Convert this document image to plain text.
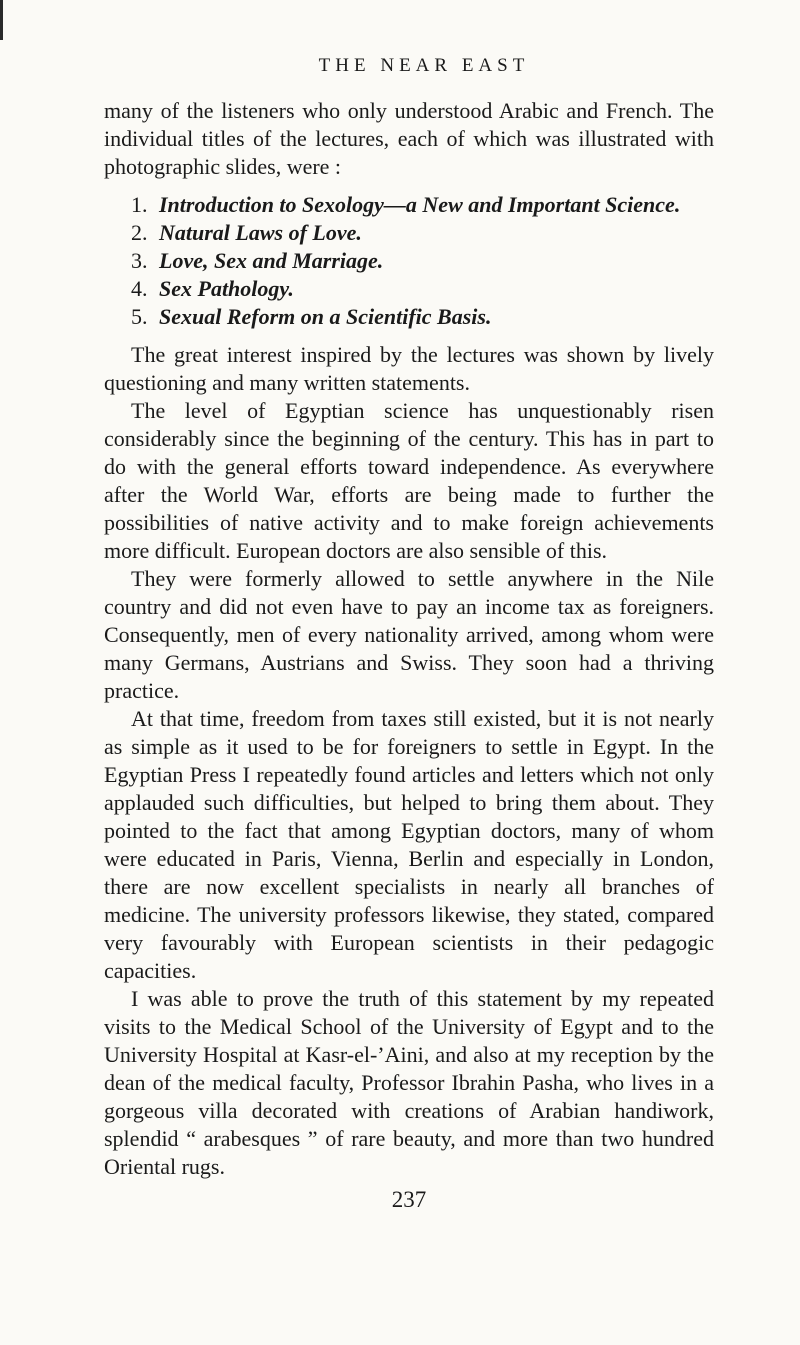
THE NEAR EAST

many of the listeners who only understood Arabic and French. The individual titles of the lectures, each of which was illustrated with photographic slides, were :

1. Introduction to Sexology—a New and Important Science.
2. Natural Laws of Love.
3. Love, Sex and Marriage.
4. Sex Pathology.
5. Sexual Reform on a Scientific Basis.

The great interest inspired by the lectures was shown by lively questioning and many written statements.

The level of Egyptian science has unquestionably risen considerably since the beginning of the century. This has in part to do with the general efforts toward independence. As everywhere after the World War, efforts are being made to further the possibilities of native activity and to make foreign achievements more difficult. European doctors are also sensible of this.

They were formerly allowed to settle anywhere in the Nile country and did not even have to pay an income tax as foreigners. Consequently, men of every nationality arrived, among whom were many Germans, Austrians and Swiss. They soon had a thriving practice.

At that time, freedom from taxes still existed, but it is not nearly as simple as it used to be for foreigners to settle in Egypt. In the Egyptian Press I repeatedly found articles and letters which not only applauded such difficulties, but helped to bring them about. They pointed to the fact that among Egyptian doctors, many of whom were educated in Paris, Vienna, Berlin and especially in London, there are now excellent specialists in nearly all branches of medicine. The university professors likewise, they stated, compared very favourably with European scientists in their pedagogic capacities.

I was able to prove the truth of this statement by my repeated visits to the Medical School of the University of Egypt and to the University Hospital at Kasr-el-’Aini, and also at my reception by the dean of the medical faculty, Professor Ibrahin Pasha, who lives in a gorgeous villa decorated with creations of Arabian handiwork, splendid “ arabesques ” of rare beauty, and more than two hundred Oriental rugs.

237
